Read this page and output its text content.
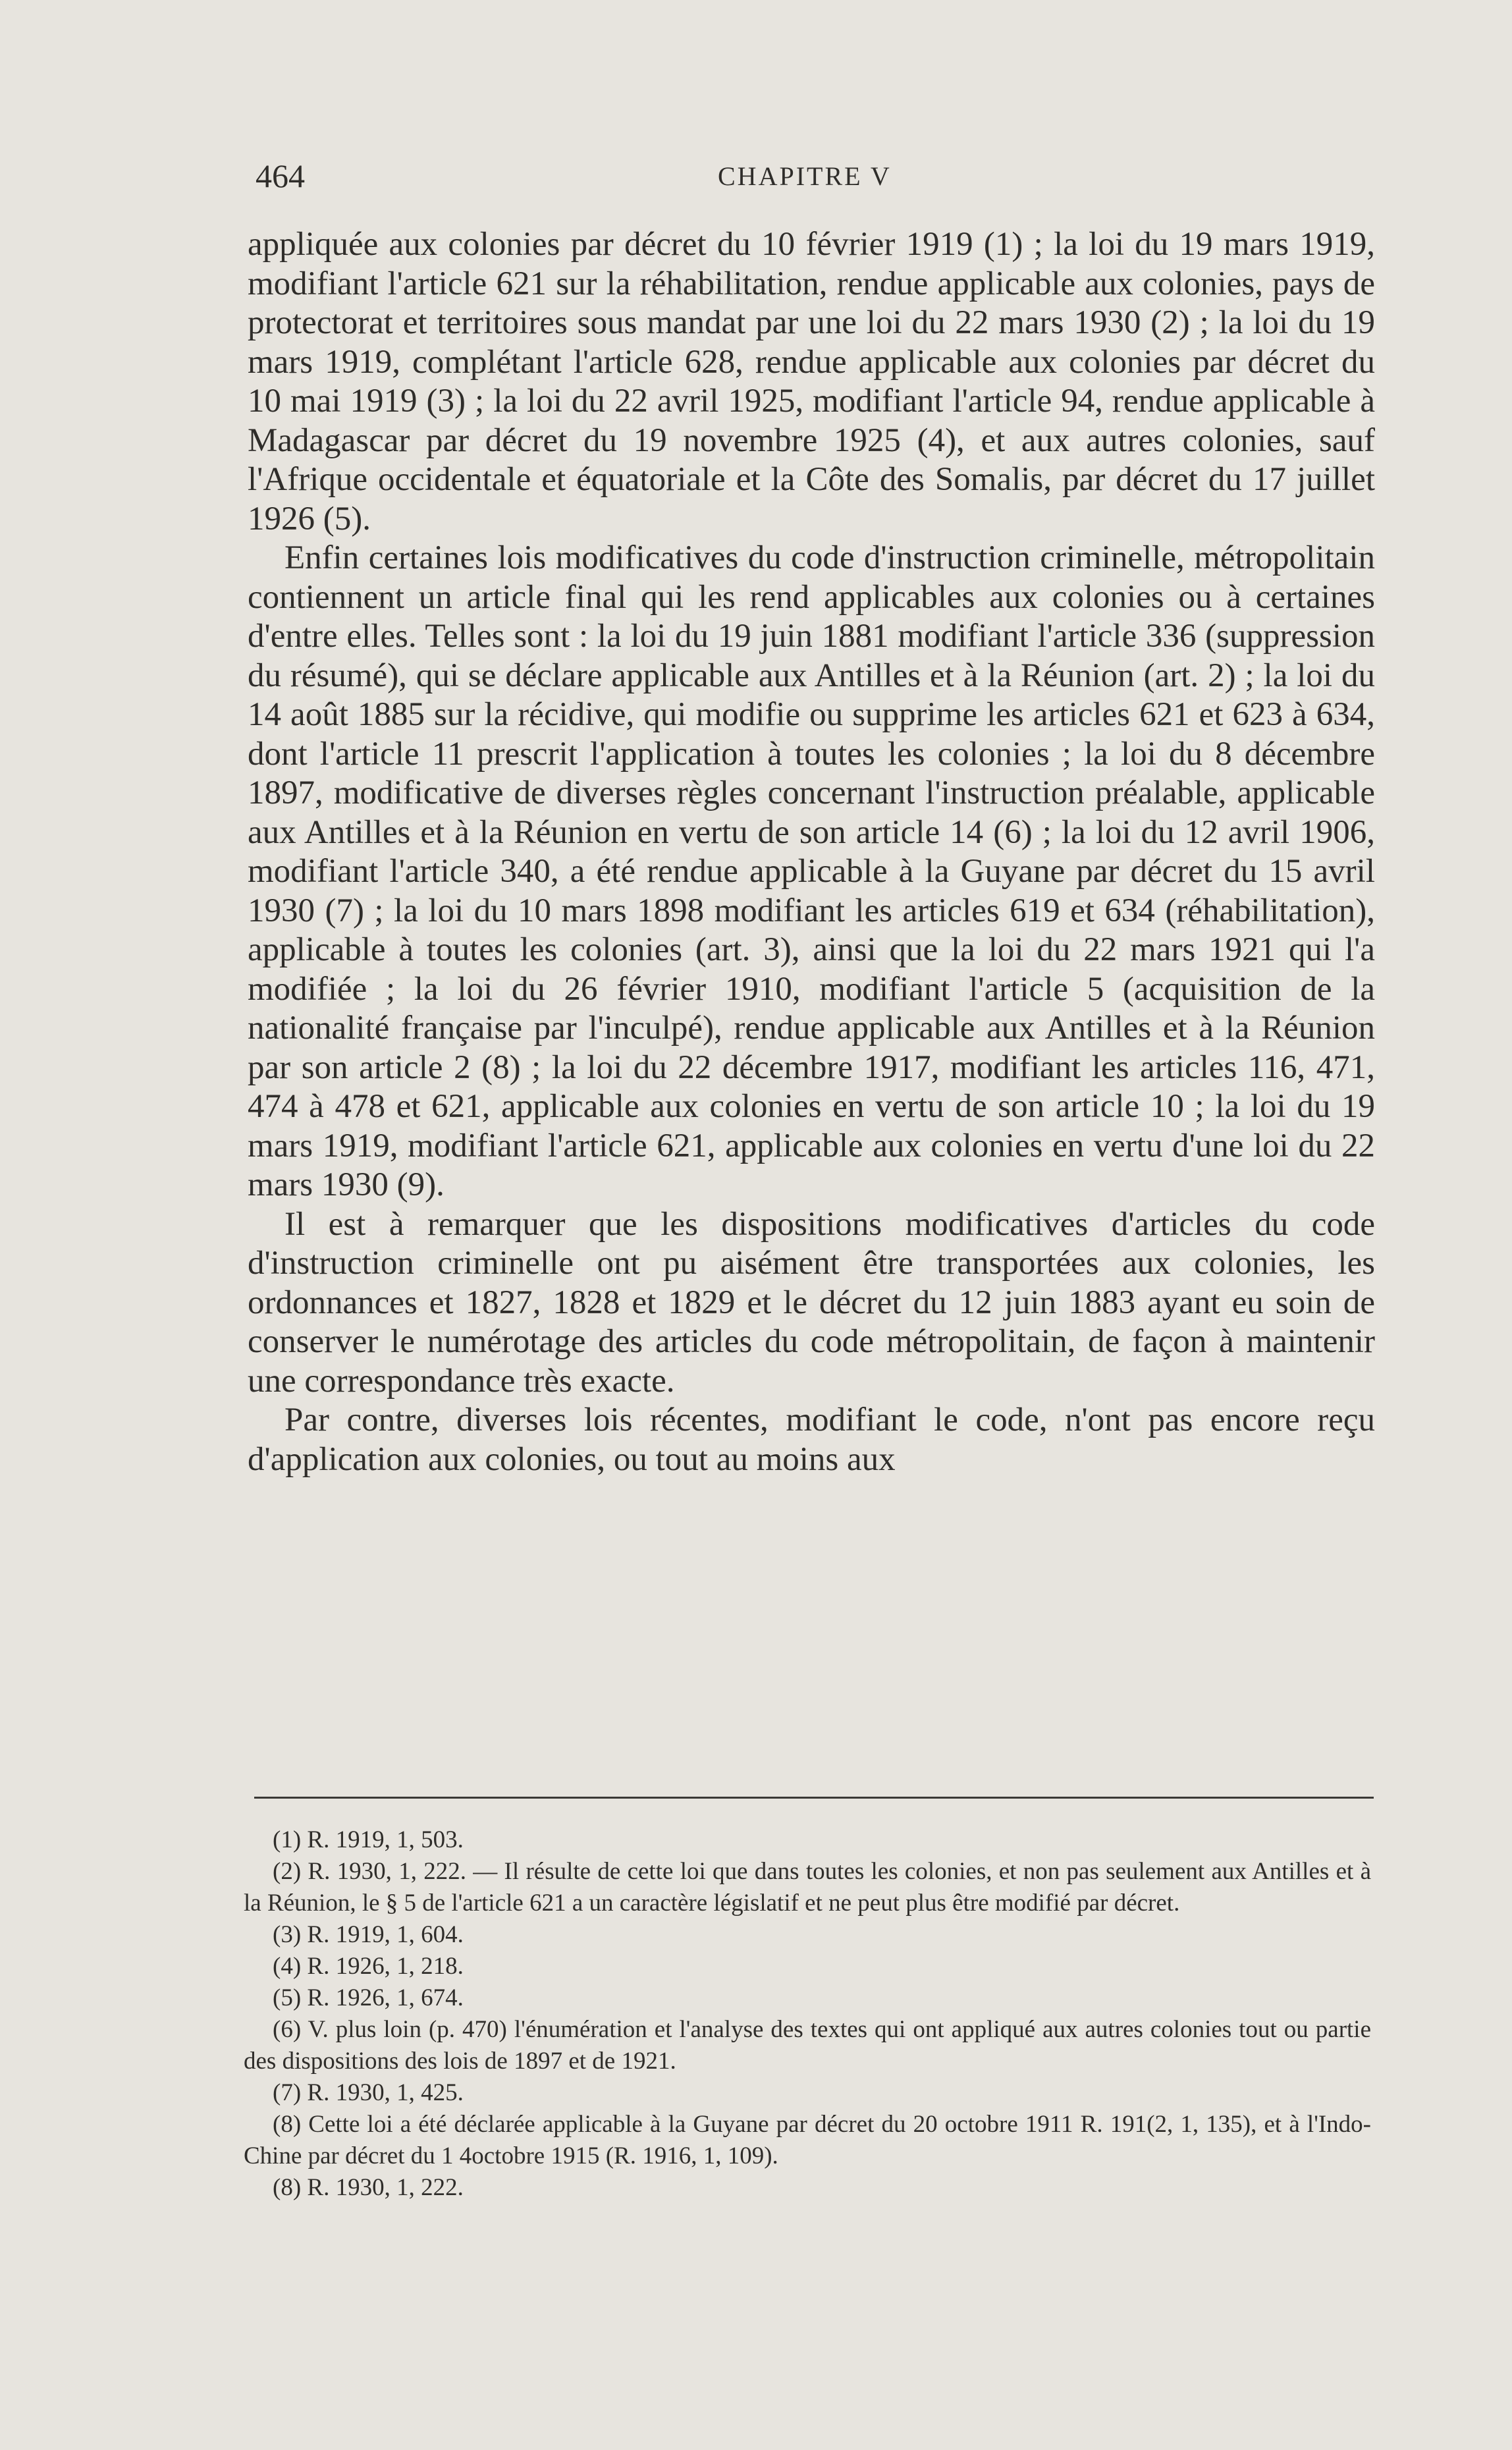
464	CHAPITRE V

appliquée aux colonies par décret du 10 février 1919 (1) ; la loi du 19 mars 1919, modifiant l'article 621 sur la réhabilitation, rendue applicable aux colonies, pays de protectorat et territoires sous mandat par une loi du 22 mars 1930 (2) ; la loi du 19 mars 1919, complétant l'article 628, rendue applicable aux colonies par décret du 10 mai 1919 (3) ; la loi du 22 avril 1925, modifiant l'article 94, rendue applicable à Madagascar par décret du 19 novembre 1925 (4), et aux autres colonies, sauf l'Afrique occidentale et équatoriale et la Côte des Somalis, par décret du 17 juillet 1926 (5).

Enfin certaines lois modificatives du code d'instruction criminelle, métropolitain contiennent un article final qui les rend applicables aux colonies ou à certaines d'entre elles. Telles sont : la loi du 19 juin 1881 modifiant l'article 336 (suppression du résumé), qui se déclare applicable aux Antilles et à la Réunion (art. 2) ; la loi du 14 août 1885 sur la récidive, qui modifie ou supprime les articles 621 et 623 à 634, dont l'article 11 prescrit l'application à toutes les colonies ; la loi du 8 décembre 1897, modificative de diverses règles concernant l'instruction préalable, applicable aux Antilles et à la Réunion en vertu de son article 14 (6) ; la loi du 12 avril 1906, modifiant l'article 340, a été rendue applicable à la Guyane par décret du 15 avril 1930 (7) ; la loi du 10 mars 1898 modifiant les articles 619 et 634 (réhabilitation), applicable à toutes les colonies (art. 3), ainsi que la loi du 22 mars 1921 qui l'a modifiée ; la loi du 26 février 1910, modifiant l'article 5 (acquisition de la nationalité française par l'inculpé), rendue applicable aux Antilles et à la Réunion par son article 2 (8) ; la loi du 22 décembre 1917, modifiant les articles 116, 471, 474 à 478 et 621, applicable aux colonies en vertu de son article 10 ; la loi du 19 mars 1919, modifiant l'article 621, applicable aux colonies en vertu d'une loi du 22 mars 1930 (9).

Il est à remarquer que les dispositions modificatives d'articles du code d'instruction criminelle ont pu aisément être transportées aux colonies, les ordonnances et 1827, 1828 et 1829 et le décret du 12 juin 1883 ayant eu soin de conserver le numérotage des articles du code métropolitain, de façon à maintenir une correspondance très exacte.

Par contre, diverses lois récentes, modifiant le code, n'ont pas encore reçu d'application aux colonies, ou tout au moins aux

(1) R. 1919, 1, 503.

(2) R. 1930, 1, 222. — Il résulte de cette loi que dans toutes les colonies, et non pas seulement aux Antilles et à la Réunion, le § 5 de l'article 621 a un caractère législatif et ne peut plus être modifié par décret.

(3) R. 1919, 1, 604.

(4) R. 1926, 1, 218.

(5) R. 1926, 1, 674.

(6) V. plus loin (p. 470) l'énumération et l'analyse des textes qui ont appliqué aux autres colonies tout ou partie des dispositions des lois de 1897 et de 1921.

(7) R. 1930, 1, 425.

(8) Cette loi a été déclarée applicable à la Guyane par décret du 20 octobre 1911 R. 191(2, 1, 135), et à l'Indo-Chine par décret du 1 4octobre 1915 (R. 1916, 1, 109).

(8) R. 1930, 1, 222.
